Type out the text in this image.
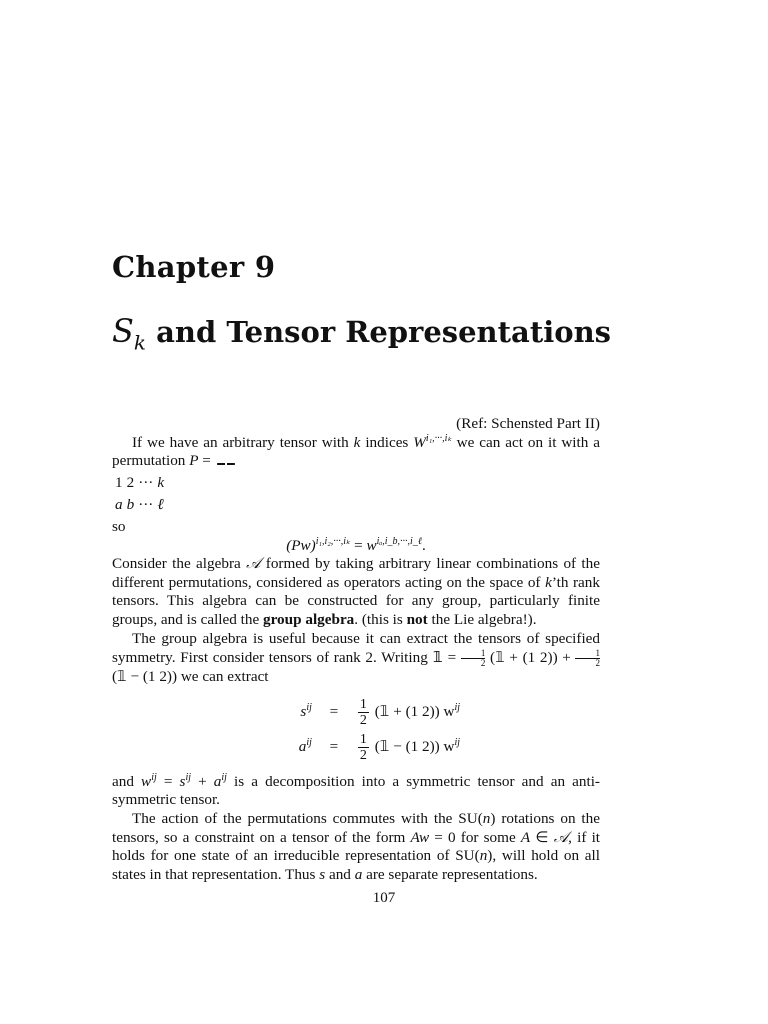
Chapter 9
$S_k$ and Tensor Representations

(Ref: Schensted Part II)

If we have an arbitrary tensor with k indices $W^{i_1,\cdot\cdot\cdot,i_k}$ we can act on it with a permutation P =

1	2	···	k
a	b	···	ℓ
so

$(Pw)^{i_1,i_2,\cdot\cdot\cdot,i_k} = w^{i_a,i\_b,\cdot\cdot\cdot,i\_\ell}$.

Consider the algebra 𝒜 formed by taking arbitrary linear combinations of the different permutations, considered as operators acting on the space of k’th rank tensors. This algebra can be constructed for any group, particularly finite groups, and is called the group algebra. (this is not the Lie algebra!).

The group algebra is useful because it can extract the tensors of specified symmetry. First consider tensors of rank 2. Writing 𝟙 = $\frac{1}{2}$ (𝟙 + (1 $2)) + \frac{1}{2}$
(𝟙 − (1 2)) we can extract

$s^{ij}$	=	$\frac{1}{2}$ (𝟙 + (1 2)) $w^{ij}$
$a^{ij}$	=	$\frac{1}{2}$ (𝟙 − (1 2)) $w^{ij}$

and $w^{ij} = s^{ij} + a^{ij}$ is a decomposition into a symmetric tensor and an anti-symmetric tensor.

The action of the permutations commutes with the SU(n) rotations on the tensors, so a constraint on a tensor of the form Aw = 0 for some A ∈ 𝒜, if it holds for one state of an irreducible representation of SU(n), will hold on all states in that representation. Thus s and a are separate representations.

107
